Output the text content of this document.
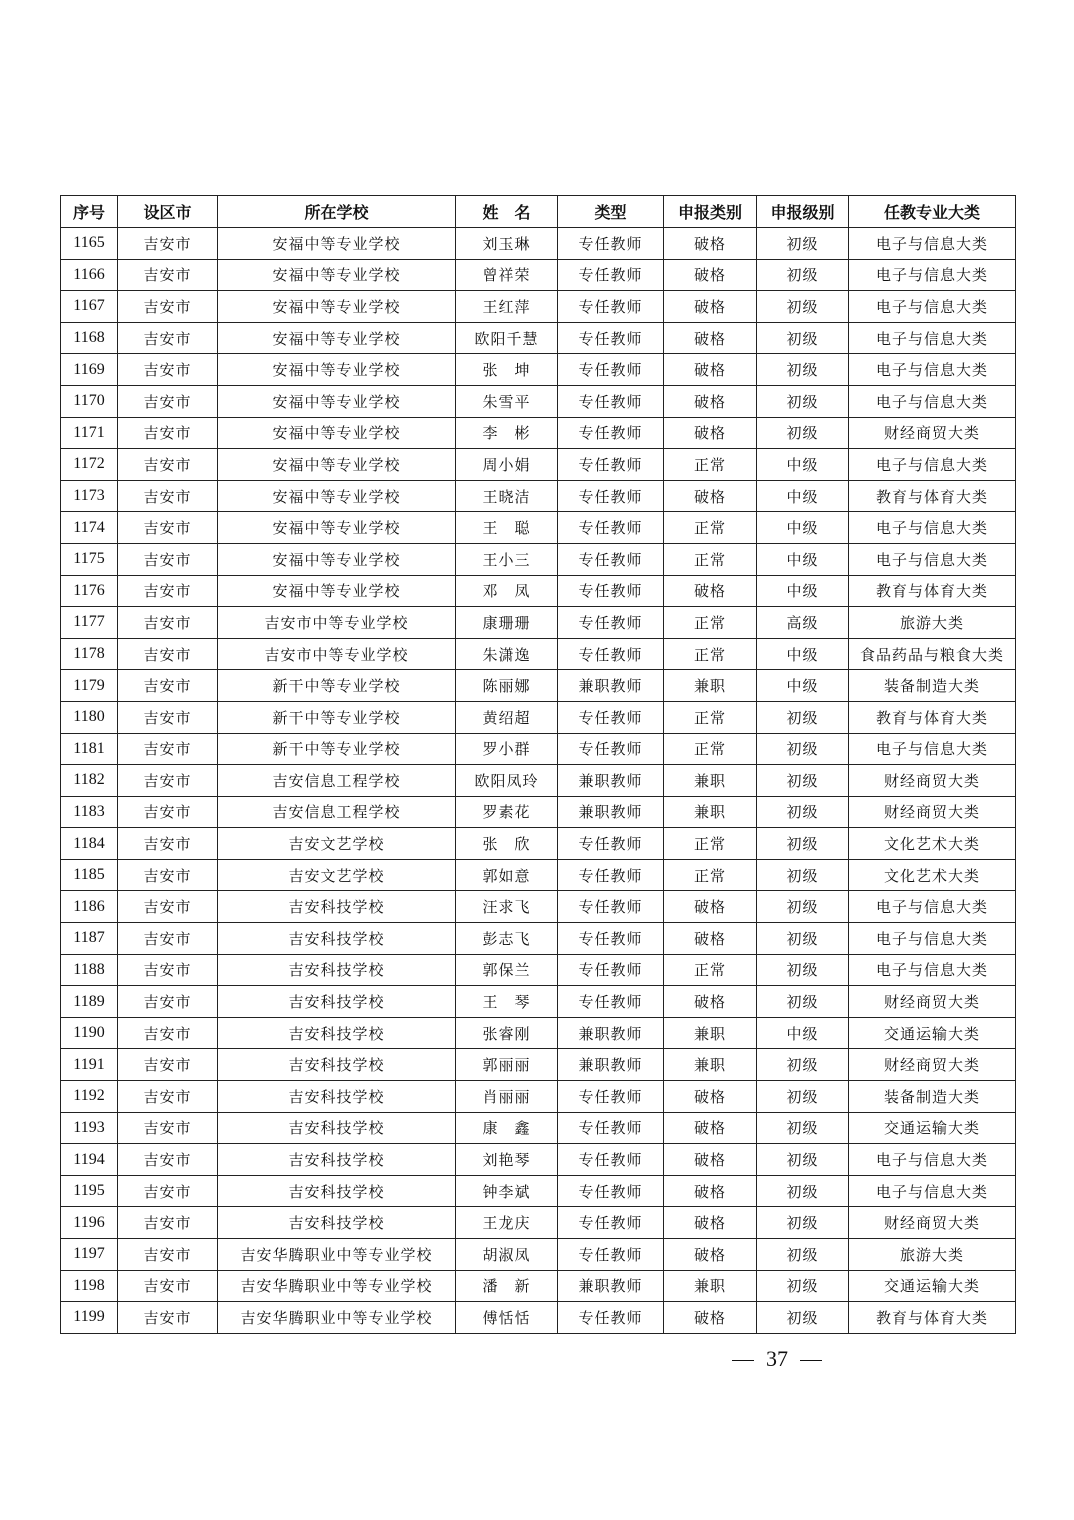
序号	设区市	所在学校	姓　名	类型	申报类别	申报级别	任教专业大类
1165	吉安市	安福中等专业学校	刘玉琳	专任教师	破格	初级	电子与信息大类
1166	吉安市	安福中等专业学校	曾祥荣	专任教师	破格	初级	电子与信息大类
1167	吉安市	安福中等专业学校	王红萍	专任教师	破格	初级	电子与信息大类
1168	吉安市	安福中等专业学校	欧阳千慧	专任教师	破格	初级	电子与信息大类
1169	吉安市	安福中等专业学校	张　坤	专任教师	破格	初级	电子与信息大类
1170	吉安市	安福中等专业学校	朱雪平	专任教师	破格	初级	电子与信息大类
1171	吉安市	安福中等专业学校	李　彬	专任教师	破格	初级	财经商贸大类
1172	吉安市	安福中等专业学校	周小娟	专任教师	正常	中级	电子与信息大类
1173	吉安市	安福中等专业学校	王晓洁	专任教师	破格	中级	教育与体育大类
1174	吉安市	安福中等专业学校	王　聪	专任教师	正常	中级	电子与信息大类
1175	吉安市	安福中等专业学校	王小三	专任教师	正常	中级	电子与信息大类
1176	吉安市	安福中等专业学校	邓　凤	专任教师	破格	中级	教育与体育大类
1177	吉安市	吉安市中等专业学校	康珊珊	专任教师	正常	高级	旅游大类
1178	吉安市	吉安市中等专业学校	朱潇逸	专任教师	正常	中级	食品药品与粮食大类
1179	吉安市	新干中等专业学校	陈丽娜	兼职教师	兼职	中级	装备制造大类
1180	吉安市	新干中等专业学校	黄绍超	专任教师	正常	初级	教育与体育大类
1181	吉安市	新干中等专业学校	罗小群	专任教师	正常	初级	电子与信息大类
1182	吉安市	吉安信息工程学校	欧阳凤玲	兼职教师	兼职	初级	财经商贸大类
1183	吉安市	吉安信息工程学校	罗素花	兼职教师	兼职	初级	财经商贸大类
1184	吉安市	吉安文艺学校	张　欣	专任教师	正常	初级	文化艺术大类
1185	吉安市	吉安文艺学校	郭如意	专任教师	正常	初级	文化艺术大类
1186	吉安市	吉安科技学校	汪求飞	专任教师	破格	初级	电子与信息大类
1187	吉安市	吉安科技学校	彭志飞	专任教师	破格	初级	电子与信息大类
1188	吉安市	吉安科技学校	郭保兰	专任教师	正常	初级	电子与信息大类
1189	吉安市	吉安科技学校	王　琴	专任教师	破格	初级	财经商贸大类
1190	吉安市	吉安科技学校	张睿刚	兼职教师	兼职	中级	交通运输大类
1191	吉安市	吉安科技学校	郭丽丽	兼职教师	兼职	初级	财经商贸大类
1192	吉安市	吉安科技学校	肖丽丽	专任教师	破格	初级	装备制造大类
1193	吉安市	吉安科技学校	康　鑫	专任教师	破格	初级	交通运输大类
1194	吉安市	吉安科技学校	刘艳琴	专任教师	破格	初级	电子与信息大类
1195	吉安市	吉安科技学校	钟李斌	专任教师	破格	初级	电子与信息大类
1196	吉安市	吉安科技学校	王龙庆	专任教师	破格	初级	财经商贸大类
1197	吉安市	吉安华腾职业中等专业学校	胡淑凤	专任教师	破格	初级	旅游大类
1198	吉安市	吉安华腾职业中等专业学校	潘　新	兼职教师	兼职	初级	交通运输大类
1199	吉安市	吉安华腾职业中等专业学校	傅恬恬	专任教师	破格	初级	教育与体育大类
37
